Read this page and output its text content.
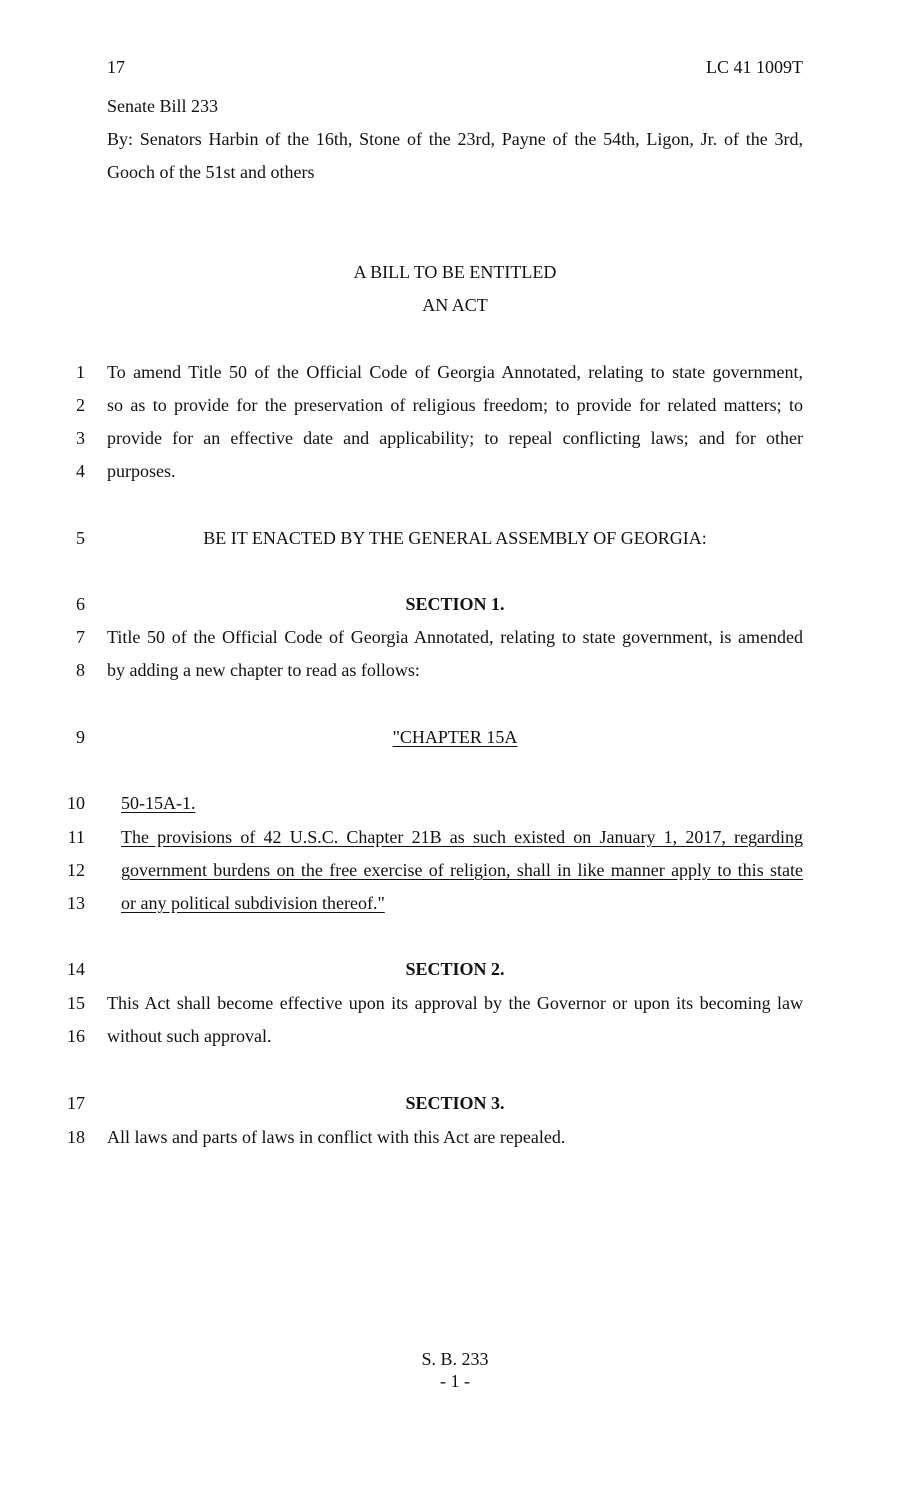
17	LC 41 1009T
Senate Bill 233
By: Senators Harbin of the 16th, Stone of the 23rd, Payne of the 54th, Ligon, Jr. of the 3rd,
Gooch of the 51st and others
A BILL TO BE ENTITLED
AN ACT
1 To amend Title 50 of the Official Code of Georgia Annotated, relating to state government,
2 so as to provide for the preservation of religious freedom; to provide for related matters; to
3 provide for an effective date and applicability; to repeal conflicting laws; and for other
4 purposes.
5	BE IT ENACTED BY THE GENERAL ASSEMBLY OF GEORGIA:
6	SECTION 1.
7 Title 50 of the Official Code of Georgia Annotated, relating to state government, is amended
8 by adding a new chapter to read as follows:
9	"CHAPTER 15A
10 50-15A-1.
11 The provisions of 42 U.S.C. Chapter 21B as such existed on January 1, 2017, regarding
12 government burdens on the free exercise of religion, shall in like manner apply to this state
13 or any political subdivision thereof."
14	SECTION 2.
15 This Act shall become effective upon its approval by the Governor or upon its becoming law
16 without such approval.
17	SECTION 3.
18 All laws and parts of laws in conflict with this Act are repealed.
S. B. 233
- 1 -
